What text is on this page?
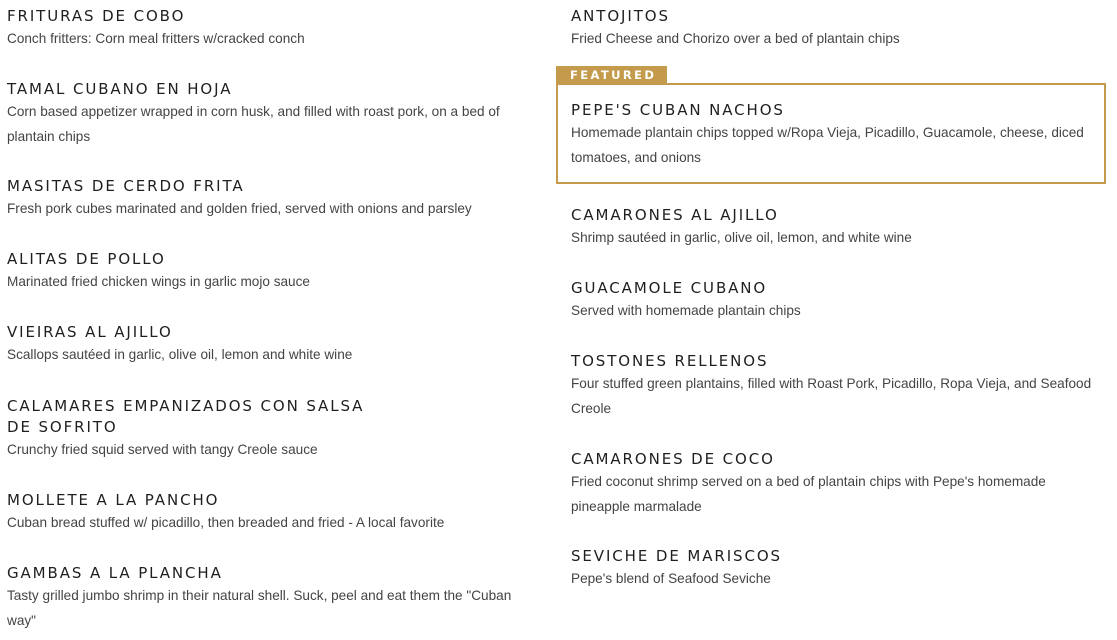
FRITURAS DE COBO

Conch fritters: Corn meal fritters w/cracked conch

TAMAL CUBANO EN HOJA

Corn based appetizer wrapped in corn husk, and filled with roast pork, on a bed of plantain chips

MASITAS DE CERDO FRITA

Fresh pork cubes marinated and golden fried, served with onions and parsley

ALITAS DE POLLO

Marinated fried chicken wings in garlic mojo sauce

VIEIRAS AL AJILLO

Scallops sautéed in garlic, olive oil, lemon and white wine

CALAMARES EMPANIZADOS CON SALSA DE SOFRITO

Crunchy fried squid served with tangy Creole sauce

MOLLETE A LA PANCHO

Cuban bread stuffed w/ picadillo, then breaded and fried - A local favorite

GAMBAS A LA PLANCHA

Tasty grilled jumbo shrimp in their natural shell. Suck, peel and eat them the "Cuban way"

ANTOJITOS

Fried Cheese and Chorizo over a bed of plantain chips

FEATURED
PEPE'S CUBAN NACHOS

Homemade plantain chips topped w/Ropa Vieja, Picadillo, Guacamole, cheese, diced tomatoes, and onions

CAMARONES AL AJILLO

Shrimp sautéed in garlic, olive oil, lemon, and white wine

GUACAMOLE CUBANO

Served with homemade plantain chips

TOSTONES RELLENOS

Four stuffed green plantains, filled with Roast Pork, Picadillo, Ropa Vieja, and Seafood Creole

CAMARONES DE COCO

Fried coconut shrimp served on a bed of plantain chips with Pepe's homemade pineapple marmalade

SEVICHE DE MARISCOS

Pepe's blend of Seafood Seviche
